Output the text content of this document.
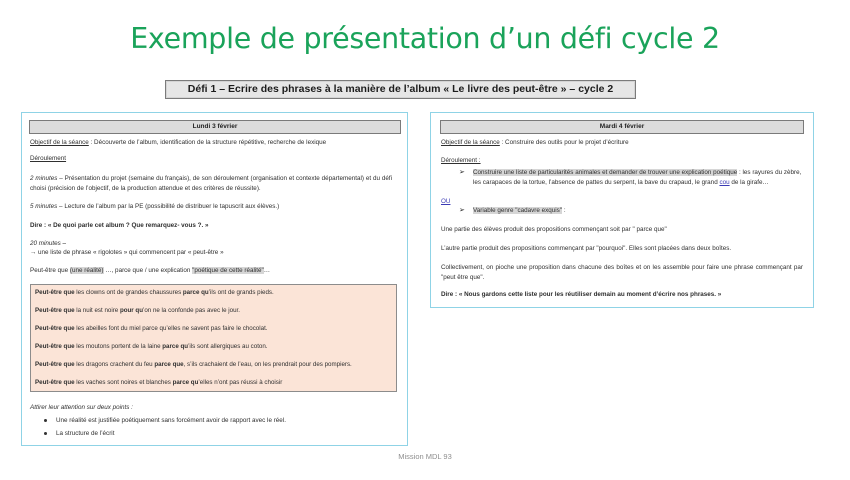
Exemple de présentation d’un défi cycle 2
Défi 1 – Ecrire des phrases à la manière de l’album « Le livre des peut-être » – cycle 2
Lundi 3 février
Objectif de la séance : Découverte de l’album, identification de la structure répétitive, recherche de lexique
Déroulement
2 minutes – Présentation du projet (semaine du français), de son déroulement (organisation et contexte départemental) et du défi choisi (précision de l’objectif, de la production attendue et des critères de réussite).
5 minutes – Lecture de l’album par la PE (possibilité de distribuer le tapuscrit aux élèves.)
Dire : « De quoi parle cet album ? Que remarquez- vous ?. »
20 minutes –
→ une liste de phrase « rigolotes » qui commencent par « peut-être »
Peut-être que (une réalité) …, parce que / une explication "poétique de cette réalité"…
Peut-être que les clowns ont de grandes chaussures parce qu’ils ont de grands pieds.
Peut-être que la nuit est noire pour qu’on ne la confonde pas avec le jour.
Peut-être que les abeilles font du miel parce qu’elles ne savent pas faire le chocolat.
Peut-être que les moutons portent de la laine parce qu’ils sont allergiques au coton.
Peut-être que les dragons crachent du feu parce que, s’ils crachaient de l’eau, on les prendrait pour des pompiers.
Peut-être que les vaches sont noires et blanches parce qu’elles n’ont pas réussi à choisir
Attirer leur attention sur deux points :
Une réalité est justifiée poétiquement sans forcément avoir de rapport avec le réel.
La structure de l’écrit
Mardi 4 février
Objectif de la séance : Construire des outils pour le projet d’écriture
Déroulement :
➢ Construire une liste de particularités animales et demander de trouver une explication poétique : les rayures du zèbre, les carapaces de la tortue, l’absence de pattes du serpent, la bave du crapaud, le grand cou de la girafe…
OU
➢ Variable genre "cadavre exquis" :
Une partie des élèves produit des propositions commençant soit par " parce que"
L’autre partie produit des propositions commençant par "pourquoi". Elles sont placées dans deux boîtes.
Collectivement, on pioche une proposition dans chacune des boîtes et on les assemble pour faire une phrase commençant par "peut être que".
Dire : « Nous gardons cette liste pour les réutiliser demain au moment d’écrire nos phrases. »
Mission MDL 93
